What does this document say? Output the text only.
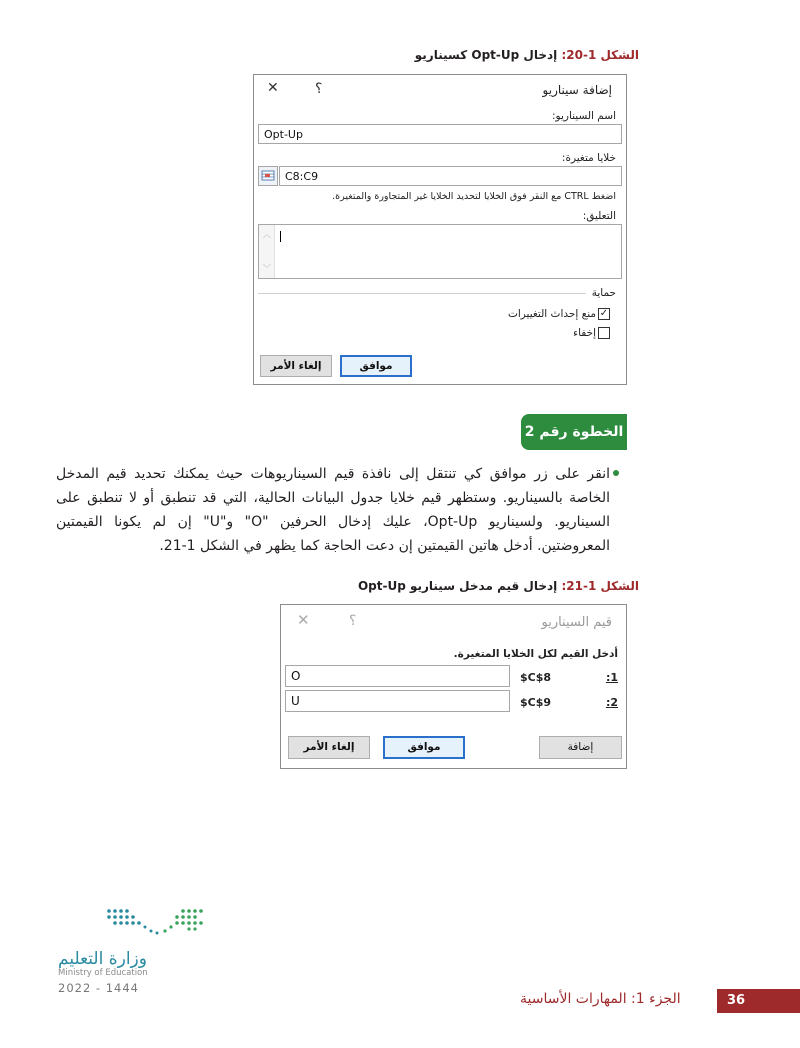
الشكل 1-20: إدخال Opt-Up كسيناريو
إضافة سيناريو
؟
✕
اسم السيناريو:
Opt-Up
خلايا متغيرة:
C8:C9
اضغط CTRL مع النقر فوق الخلايا لتحديد الخلايا غير المتجاورة والمتغيرة.
التعليق:
︿
﹀
حماية
✓
منع إحداث التغييرات
إخفاء
موافق
إلغاء الأمر
الخطوة رقم 2
انقر على زر موافق كي تنتقل إلى نافذة قيم السيناريوهات حيث يمكنك تحديد قيم المدخل الخاصة بالسيناريو. وستظهر قيم خلايا جدول البيانات الحالية، التي قد تنطبق أو لا تنطبق على السيناريو. ولسيناريو Opt-Up، عليك إدخال الحرفين "O" و"U" إن لم يكونا القيمتين المعروضتين. أدخل هاتين القيمتين إن دعت الحاجة كما يظهر في الشكل 1-21.
الشكل 1-21: إدخال قيم مدخل سيناريو Opt-Up
قيم السيناريو
؟
✕
أدخل القيم لكل الخلايا المتغيرة.
1:
$C$8
O
2:
$C$9
U
إضافة
موافق
إلغاء الأمر
وزارة التعليم
Ministry of Education
2022 - 1444
الجزء 1: المهارات الأساسية	36
